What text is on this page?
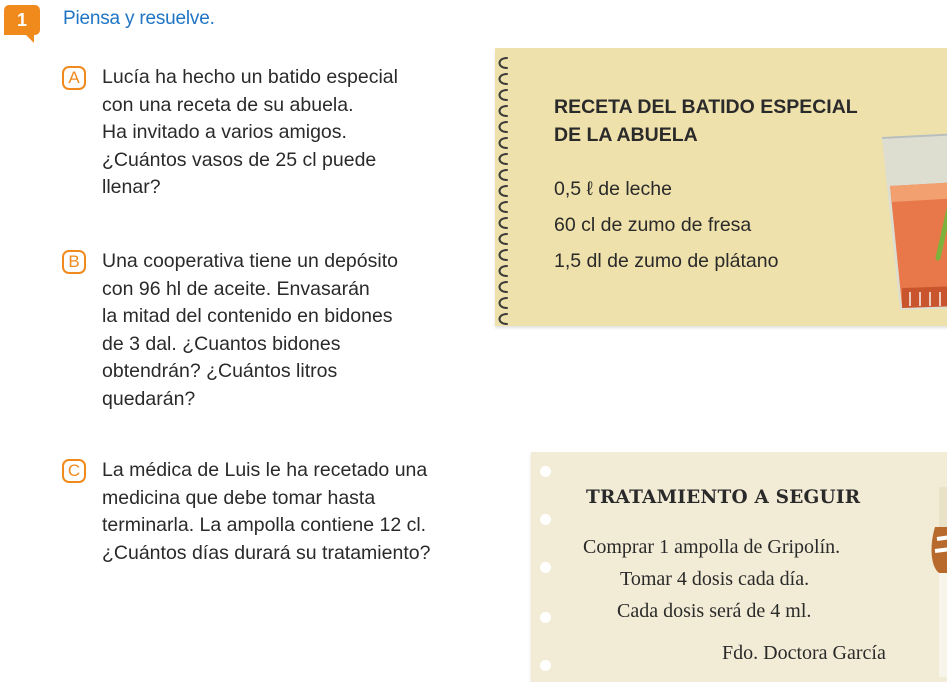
1	Piensa y resuelve.
A	Lucía ha hecho un batido especial
con una receta de su abuela.
Ha invitado a varios amigos.
¿Cuántos vasos de 25 cl puede
llenar?
B	Una cooperativa tiene un depósito
con 96 hl de aceite. Envasarán
la mitad del contenido en bidones
de 3 dal. ¿Cuantos bidones
obtendrán? ¿Cuántos litros
quedarán?
C	La médica de Luis le ha recetado una
medicina que debe tomar hasta
terminarla. La ampolla contiene 12 cl.
¿Cuántos días durará su tratamiento?
RECETA DEL BATIDO ESPECIAL
DE LA ABUELA
0,5 ℓ de leche
60 cl de zumo de fresa
1,5 dl de zumo de plátano
TRATAMIENTO A SEGUIR
Comprar 1 ampolla de Gripolín.
Tomar 4 dosis cada día.
Cada dosis será de 4 ml.
Fdo. Doctora García
